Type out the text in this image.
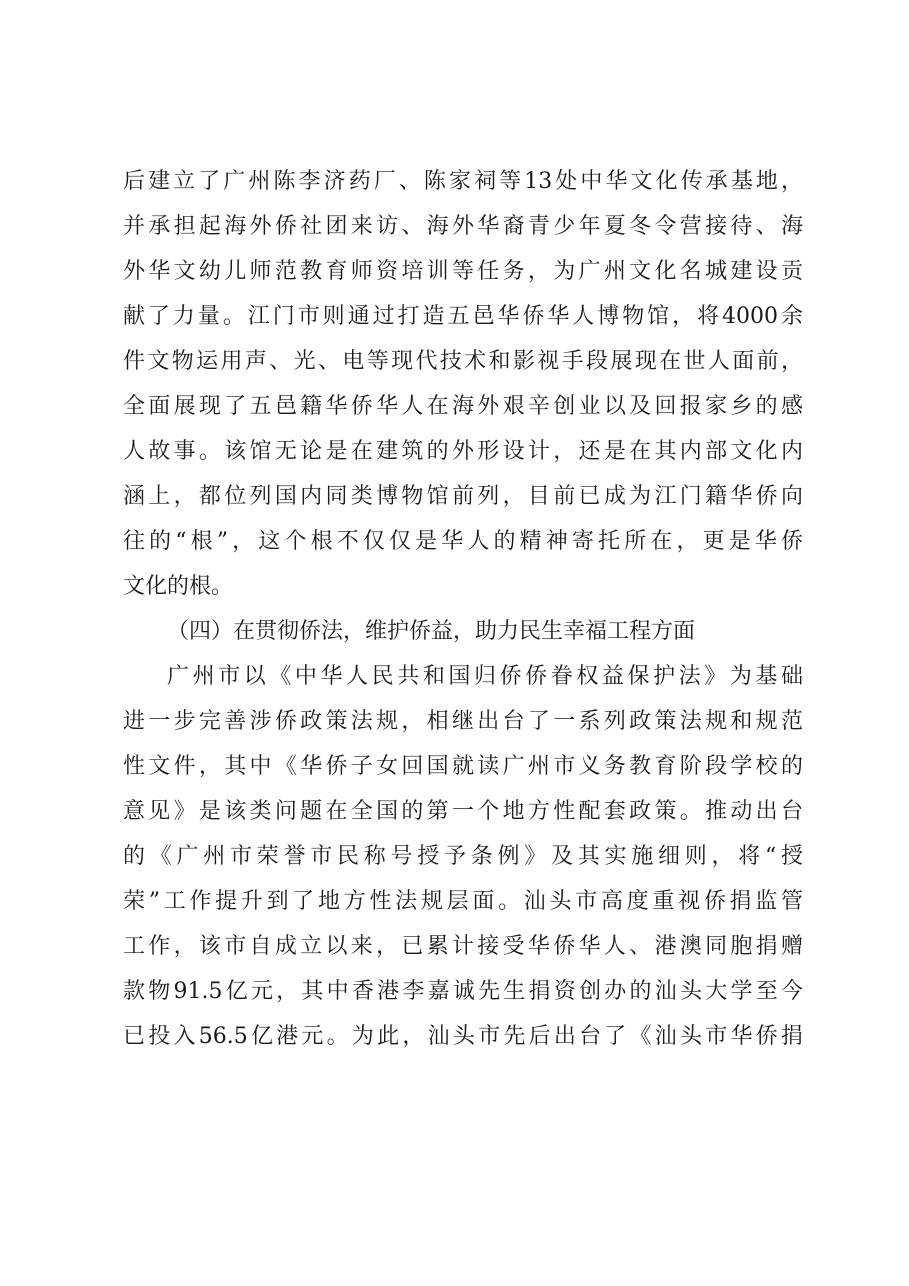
后建立了广州陈李济药厂、陈家祠等13处中华文化传承基地，
并承担起海外侨社团来访、海外华裔青少年夏冬令营接待、海
外华文幼儿师范教育师资培训等任务，为广州文化名城建设贡
献了力量。江门市则通过打造五邑华侨华人博物馆，将4000余
件文物运用声、光、电等现代技术和影视手段展现在世人面前，
全面展现了五邑籍华侨华人在海外艰辛创业以及回报家乡的感
人故事。该馆无论是在建筑的外形设计，还是在其内部文化内
涵上，都位列国内同类博物馆前列，目前已成为江门籍华侨向
往的“根”，这个根不仅仅是华人的精神寄托所在，更是华侨
文化的根。
（四）在贯彻侨法，维护侨益，助力民生幸福工程方面
广州市以《中华人民共和国归侨侨眷权益保护法》为基础
进一步完善涉侨政策法规，相继出台了一系列政策法规和规范
性文件，其中《华侨子女回国就读广州市义务教育阶段学校的
意见》是该类问题在全国的第一个地方性配套政策。推动出台
的《广州市荣誉市民称号授予条例》及其实施细则，将“授
荣”工作提升到了地方性法规层面。汕头市高度重视侨捐监管
工作，该市自成立以来，已累计接受华侨华人、港澳同胞捐赠
款物91.5亿元，其中香港李嘉诚先生捐资创办的汕头大学至今
已投入56.5亿港元。为此，汕头市先后出台了《汕头市华侨捐
